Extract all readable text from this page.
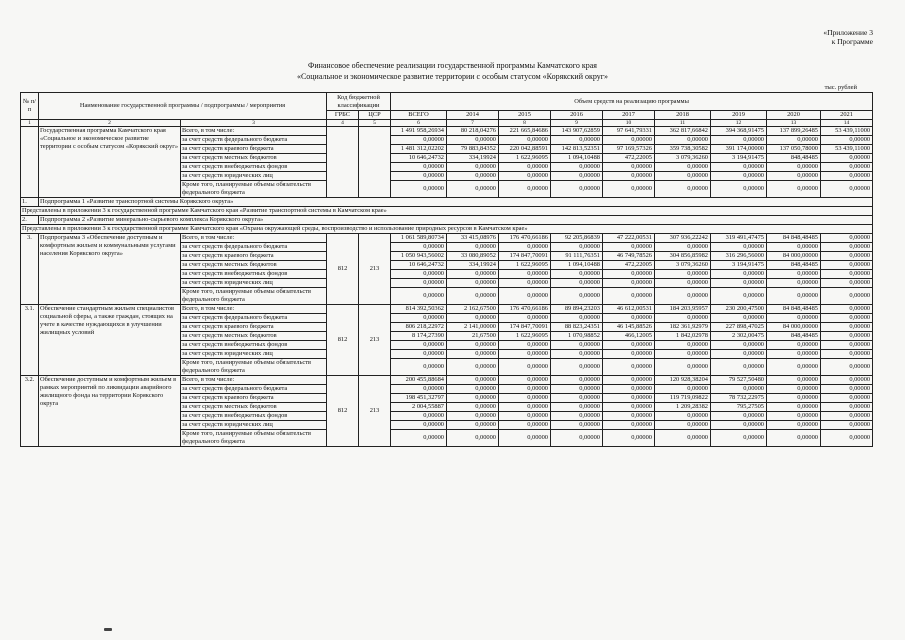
«Приложение 3
к Программе
Финансовое обеспечение реализации государственной программы Камчатского края
«Социальное и экономическое развитие территории с особым статусом «Корякский округ»
тыс. рублей
№ п/п	Наименование государственной программы / подпрограммы / мероприятия		Код бюджетной классификации		Объем средств на реализацию программы								
			ГРБС	ЦСР	ВСЕГО	2014	2015	2016	2017	2018	2019	2020	2021
1	2	3	4	5	6	7	8	9	10	11	12	13	14
	Государственная программа Камчатского края «Социальное и экономическое развитие территории с особым статусом «Корякский округ»	Всего, в том числе:			1 491 958,26934	80 218,04276	221 665,84686	143 907,62859	97 641,79331	362 817,66842	394 368,91475	137 899,26485	53 439,11000
		за счет средств федерального бюджета			0,00000	0,00000	0,00000	0,00000	0,00000	0,00000	0,00000	0,00000	0,00000
		за счет средств краевого бюджета			1 481 312,02202	79 883,84352	220 042,88591	142 813,52351	97 169,57326	359 738,30582	391 174,00000	137 050,78000	53 439,11000
		за счет средств местных бюджетов			10 646,24732	334,19924	1 622,96095	1 094,10488	472,22005	3 079,36260	3 194,91475	848,48485	0,00000
		за счет средств внебюджетных фондов			0,00000	0,00000	0,00000	0,00000	0,00000	0,00000	0,00000	0,00000	0,00000
		за счет средств юридических лиц			0,00000	0,00000	0,00000	0,00000	0,00000	0,00000	0,00000	0,00000	0,00000
		Кроме того, планируемые объемы обязательств федерального бюджета			0,00000	0,00000	0,00000	0,00000	0,00000	0,00000	0,00000	0,00000	0,00000
1.	Подпрограмма 1 «Развитие транспортной системы Корякского округа»												
Представлены в приложении 3 к государственной программе Камчатского края «Развитие транспортной системы в Камчатском крае»													
2.	Подпрограмма 2 «Развитие минерально-сырьевого комплекса Корякского округа»												
Представлены в приложении 3 к государственной программе Камчатского края «Охрана окружающей среды, воспроизводство и использование природных ресурсов в Камчатском крае»													
3.	Подпрограмма 3 «Обеспечение доступным и комфортным жильем и коммунальными услугами населения Корякского округа»	Всего, в том числе:	812	213	1 061 589,80734	33 415,08976	176 470,66186	92 205,86839	47 222,00531	307 936,22242	319 491,47475	84 848,48485	0,00000
		за счет средств федерального бюджета			0,00000	0,00000	0,00000	0,00000	0,00000	0,00000	0,00000	0,00000	0,00000
		за счет средств краевого бюджета			1 050 943,56002	33 080,89052	174 847,70091	91 111,76351	46 749,78526	304 856,85982	316 296,56000	84 000,00000	0,00000
		за счет средств местных бюджетов			10 646,24732	334,19924	1 622,96095	1 094,10488	472,22005	3 079,36260	3 194,91475	848,48485	0,00000
		за счет средств внебюджетных фондов			0,00000	0,00000	0,00000	0,00000	0,00000	0,00000	0,00000	0,00000	0,00000
		за счет средств юридических лиц			0,00000	0,00000	0,00000	0,00000	0,00000	0,00000	0,00000	0,00000	0,00000
		Кроме того, планируемые объемы обязательств федерального бюджета			0,00000	0,00000	0,00000	0,00000	0,00000	0,00000	0,00000	0,00000	0,00000
3.1.	Обеспечение стандартным жильем специалистов социальной сферы, а также граждан, стоящих на учете в качестве нуждающихся в улучшении жилищных условий	Всего, в том числе:	812	213	814 392,50362	2 162,67500	176 470,66186	89 894,23203	46 612,00531	184 203,95957	230 200,47500	84 848,48485	0,00000
		за счет средств федерального бюджета			0,00000	0,00000	0,00000	0,00000	0,00000	0,00000	0,00000	0,00000	0,00000
		за счет средств краевого бюджета			806 218,22972	2 141,00000	174 847,70091	88 823,24351	46 145,88526	182 361,92979	227 898,47025	84 000,00000	0,00000
		за счет средств местных бюджетов			8 174,27390	21,67500	1 622,96095	1 070,98852	466,12005	1 842,02978	2 302,00475	848,48485	0,00000
		за счет средств внебюджетных фондов			0,00000	0,00000	0,00000	0,00000	0,00000	0,00000	0,00000	0,00000	0,00000
		за счет средств юридических лиц			0,00000	0,00000	0,00000	0,00000	0,00000	0,00000	0,00000	0,00000	0,00000
		Кроме того, планируемые объемы обязательств федерального бюджета			0,00000	0,00000	0,00000	0,00000	0,00000	0,00000	0,00000	0,00000	0,00000
3.2.	Обеспечение доступным и комфортным жильем в рамках мероприятий по ликвидации аварийного жилищного фонда на территории Корякского округа	Всего, в том числе:	812	213	200 455,88684	0,00000	0,00000	0,00000	0,00000	120 928,38204	79 527,50480	0,00000	0,00000
		за счет средств федерального бюджета			0,00000	0,00000	0,00000	0,00000	0,00000	0,00000	0,00000	0,00000	0,00000
		за счет средств краевого бюджета			198 451,32797	0,00000	0,00000	0,00000	0,00000	119 719,09822	78 732,22975	0,00000	0,00000
		за счет средств местных бюджетов			2 004,55887	0,00000	0,00000	0,00000	0,00000	1 209,28382	795,27505	0,00000	0,00000
		за счет средств внебюджетных фондов			0,00000	0,00000	0,00000	0,00000	0,00000	0,00000	0,00000	0,00000	0,00000
		за счет средств юридических лиц			0,00000	0,00000	0,00000	0,00000	0,00000	0,00000	0,00000	0,00000	0,00000
		Кроме того, планируемые объемы обязательств федерального бюджета			0,00000	0,00000	0,00000	0,00000	0,00000	0,00000	0,00000	0,00000	0,00000
